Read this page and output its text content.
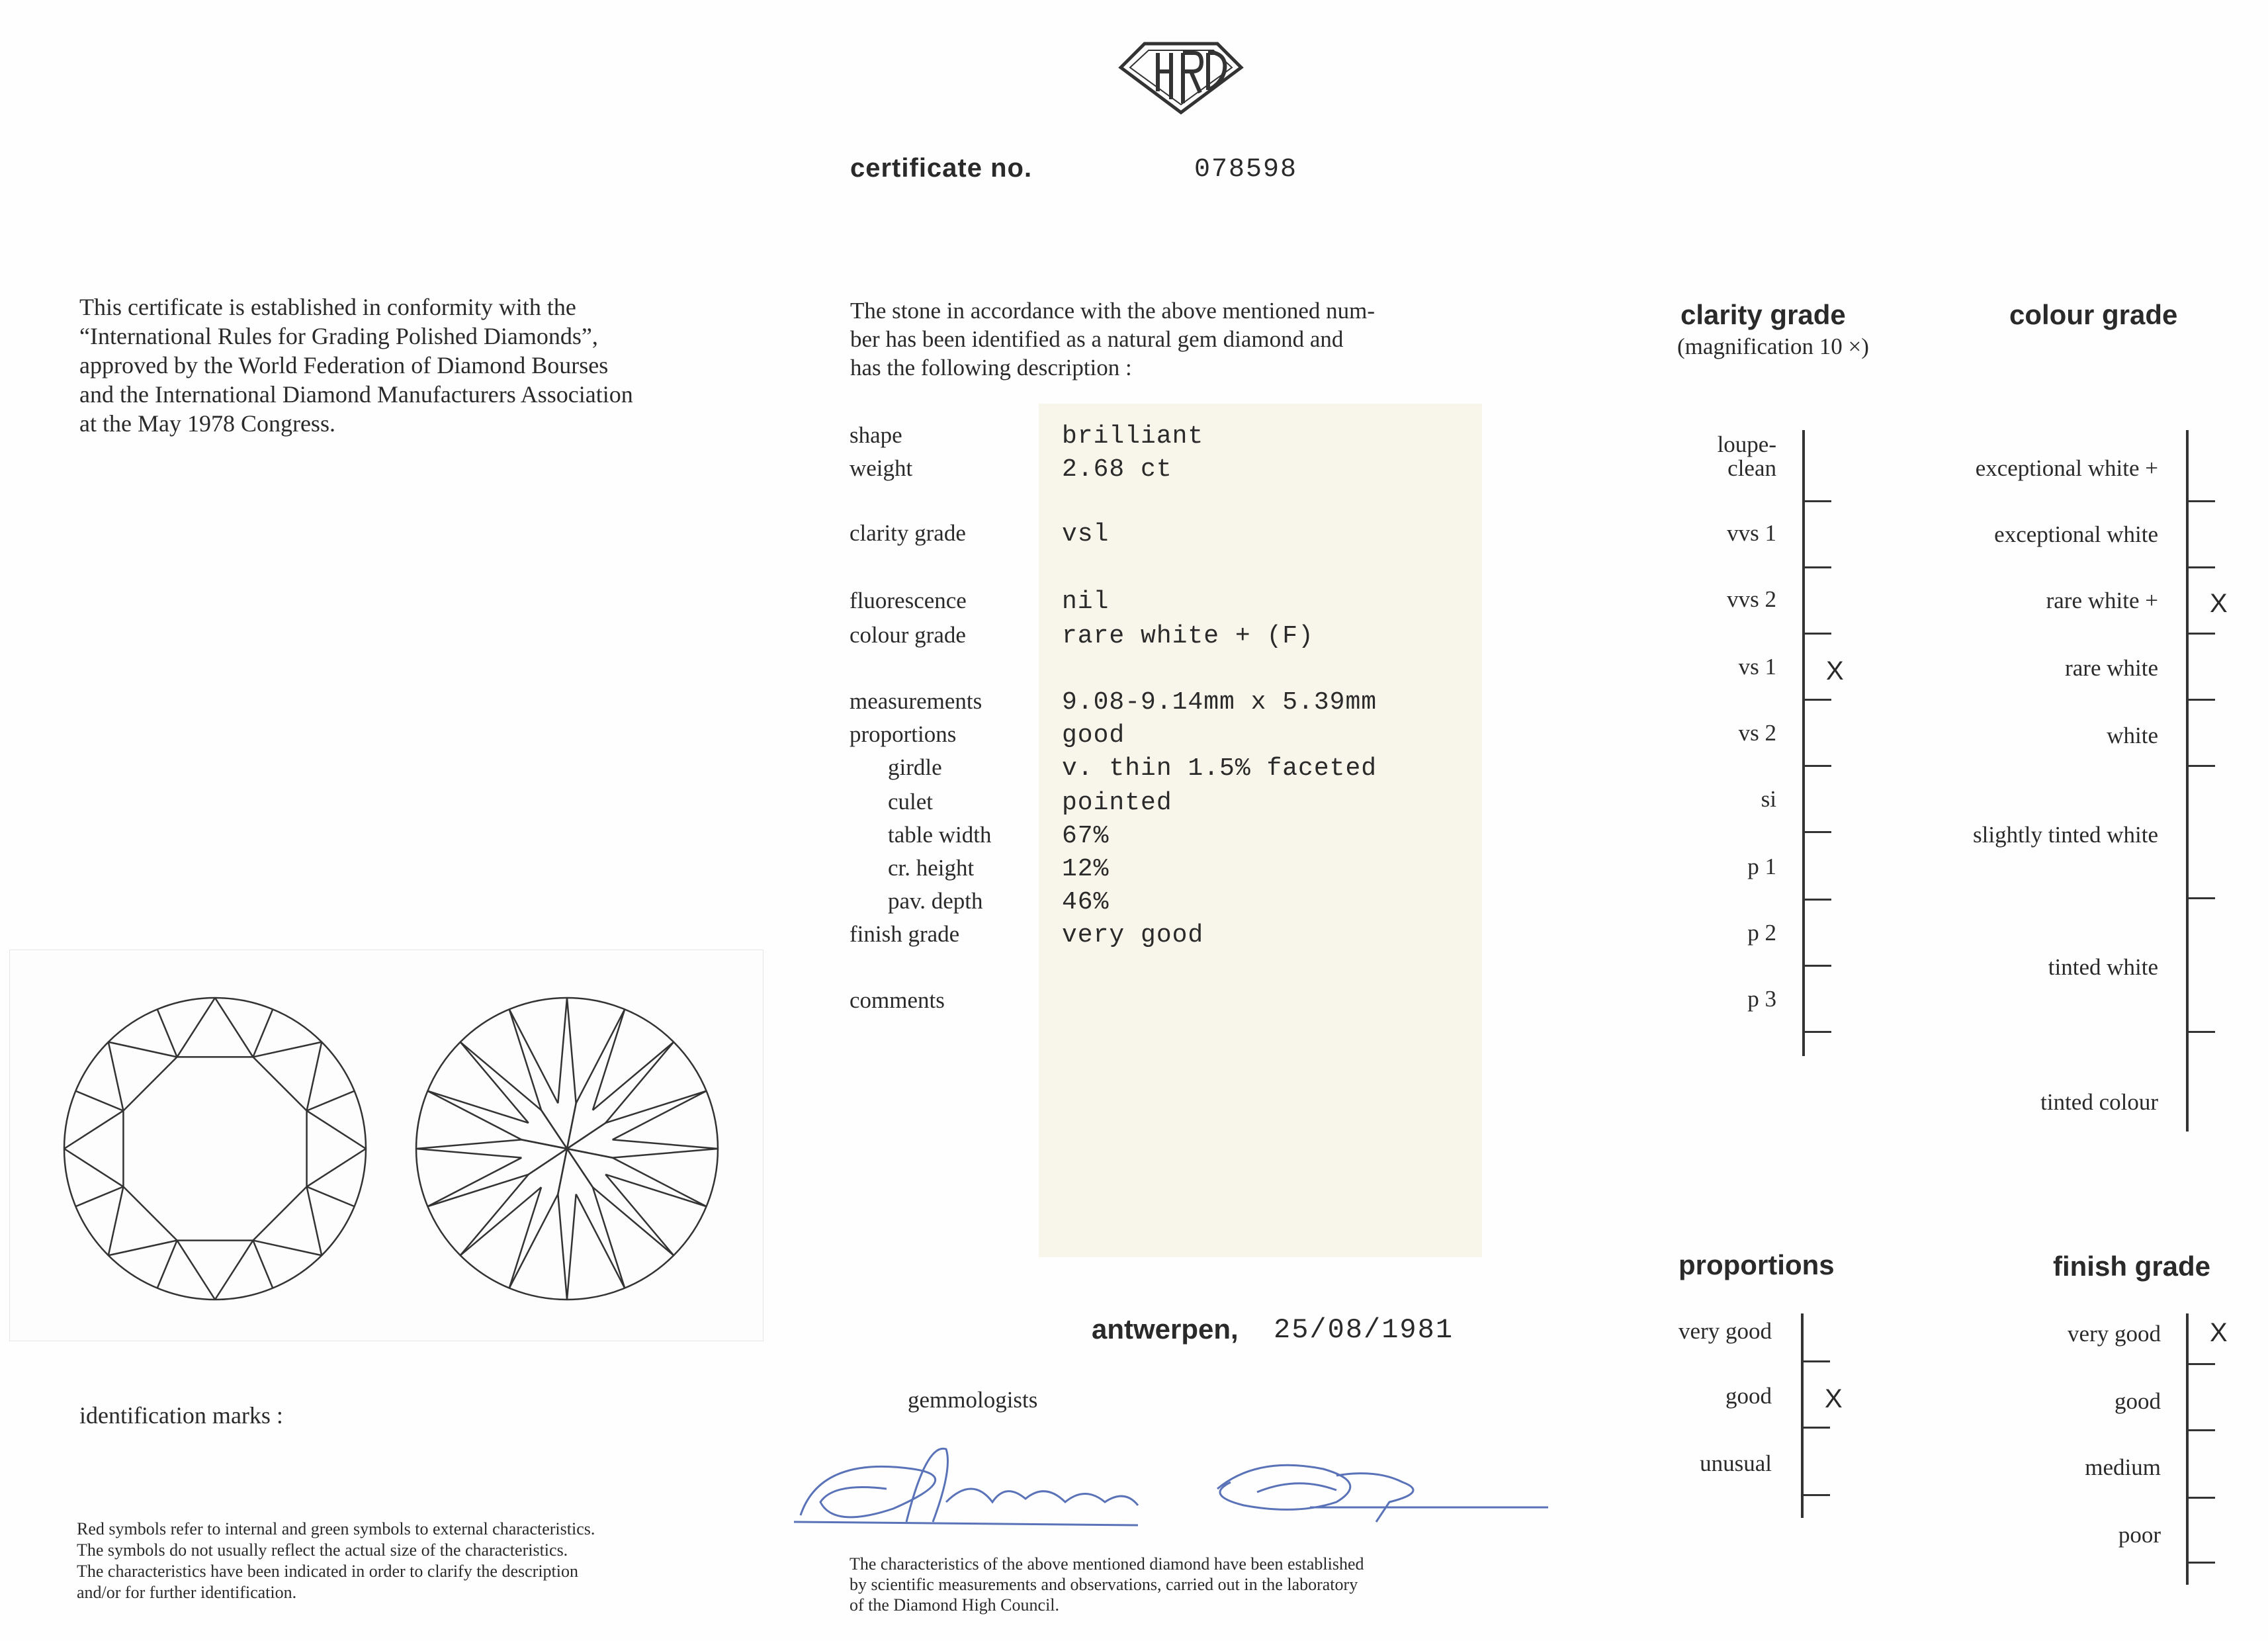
certificate no.	078598
This certificate is established in conformity with the
“International Rules for Grading Polished Diamonds”,
approved by the World Federation of Diamond Bourses
and the International Diamond Manufacturers Association
at the May 1978 Congress.
The stone in accordance with the above mentioned num-
ber has been identified as a natural gem diamond and
has the following description :
shape	brilliant
weight	2.68 ct
clarity grade	vsl
fluorescence	nil
colour grade	rare white + (F)
measurements	9.08-9.14mm x 5.39mm
proportions	good
girdle	v. thin 1.5% faceted
culet	pointed
table width	67%
cr. height	12%
pav. depth	46%
finish grade	very good
comments
identification marks :
Red symbols refer to internal and green symbols to external characteristics.
The symbols do not usually reflect the actual size of the characteristics.
The characteristics have been indicated in order to clarify the description
and/or for further identification.
antwerpen, 25/08/1981
gemmologists
The characteristics of the above mentioned diamond have been established
by scientific measurements and observations, carried out in the laboratory
of the Diamond High Council.
clarity grade
(magnification 10 ×)
colour grade
proportions	finish grade
loupe-
clean
vvs 1
vvs 2
vs 1
vs 2
si
p 1
p 2
p 3
X
exceptional white +
exceptional white
rare white +
rare white
white
slightly tinted white
tinted white
tinted colour
X
very good
good
unusual
X
very good
good
medium
poor
X
